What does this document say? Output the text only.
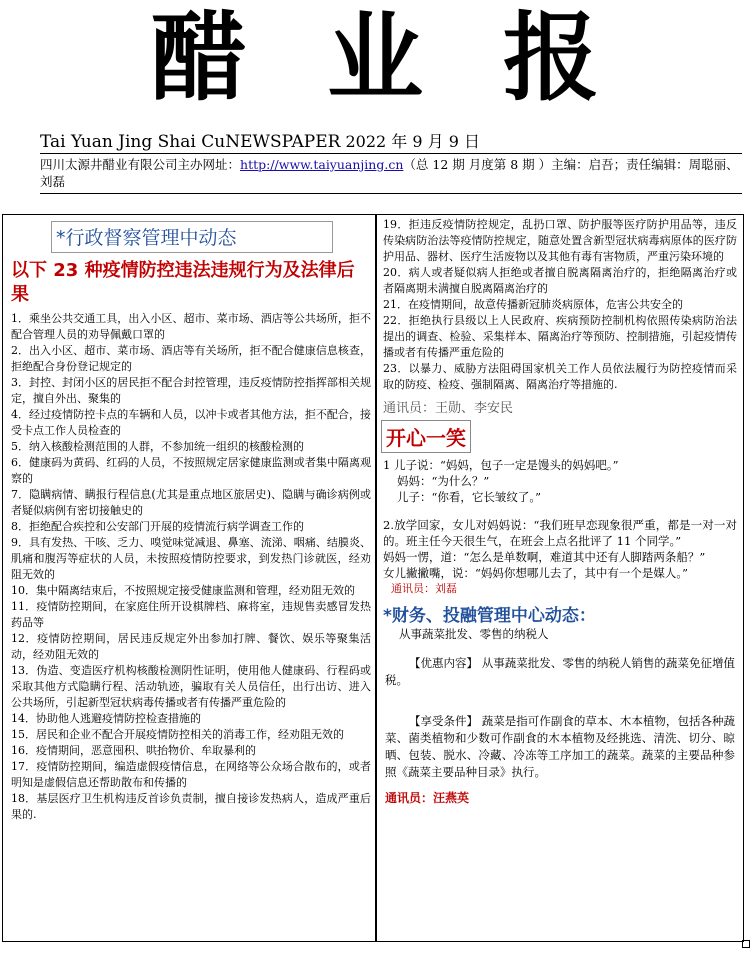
醋业报
Tai Yuan Jing Shai CuNEWSPAPER 2022 年 9 月 9 日
四川太源井醋业有限公司主办网址：http://www.taiyuanjing.cn（总 12 期 月度第 8 期 ）主编：启吾；责任编辑：周聪丽、刘磊
*行政督察管理中动态
以下 23 种疫情防控违法违规行为及法律后果

1．乘坐公共交通工具，出入小区、超市、菜市场、酒店等公共场所，拒不配合管理人员的劝导佩戴口罩的

2．出入小区、超市、菜市场、酒店等有关场所，拒不配合健康信息核查，拒绝配合身份登记规定的

3．封控、封闭小区的居民拒不配合封控管理，违反疫情防控指挥部相关规定，擅自外出、聚集的

4．经过疫情防控卡点的车辆和人员，以冲卡或者其他方法，拒不配合，接受卡点工作人员检查的

5．纳入核酸检测范围的人群，不参加统一组织的核酸检测的

6．健康码为黄码、红码的人员，不按照规定居家健康监测或者集中隔离观察的

7．隐瞒病情、瞒报行程信息(尤其是重点地区旅居史)、隐瞒与确诊病例或者疑似病例有密切接触史的

8．拒绝配合疾控和公安部门开展的疫情流行病学调查工作的

9．具有发热、干咳、乏力、嗅觉味觉减退、鼻塞、流涕、咽痛、结膜炎、肌痛和腹泻等症状的人员，未按照疫情防控要求，到发热门诊就医，经劝阻无效的

10．集中隔离结束后，不按照规定接受健康监测和管理，经劝阻无效的

11．疫情防控期间，在家庭住所开设棋牌档、麻将室，违规售卖感冒发热药品等

12．疫情防控期间，居民违反规定外出参加打牌、餐饮、娱乐等聚集活动，经劝阻无效的

13．伪造、变造医疗机构核酸检测阴性证明，使用他人健康码、行程码或采取其他方式隐瞒行程、活动轨迹，骗取有关人员信任，出行出访、进入公共场所，引起新型冠状病毒传播或者有传播严重危险的

14．协助他人逃避疫情防控检查措施的

15．居民和企业不配合开展疫情防控相关的消毒工作，经劝阻无效的

16．疫情期间，恶意囤积、哄抬物价、牟取暴利的

17．疫情防控期间，编造虚假疫情信息，在网络等公众场合散布的，或者明知是虚假信息还帮助散布和传播的

18．基层医疗卫生机构违反首诊负责制，擅自接诊发热病人，造成严重后果的.

19．拒违反疫情防控规定，乱扔口罩、防护服等医疗防护用品等，违反传染病防治法等疫情防控规定，随意处置含新型冠状病毒病原体的医疗防护用品、器材、医疗生活废物以及其他有毒有害物质，严重污染环境的

20．病人或者疑似病人拒绝或者擅自脱离隔离治疗的，拒绝隔离治疗或者隔离期未满擅自脱离隔离治疗的

21．在疫情期间，故意传播新冠肺炎病原体，危害公共安全的

22．拒绝执行县级以上人民政府、疾病预防控制机构依照传染病防治法提出的调查、检验、采集样本、隔离治疗等预防、控制措施，引起疫情传播或者有传播严重危险的

23．以暴力、威胁方法阻碍国家机关工作人员依法履行为防控疫情而采取的防疫、检疫、强制隔离、隔离治疗等措施的.

通讯员：王勋、李安民
开心一笑

1 儿子说：“妈妈，包子一定是馒头的妈妈吧。”

妈妈：“为什么？”

儿子：“你看，它长皱纹了。”

2.放学回家，女儿对妈妈说：“我们班早恋现象很严重，都是一对一对的。班主任今天很生气，在班会上点名批评了 11 个同学。”

妈妈一愣，道：“怎么是单数啊，难道其中还有人脚踏两条船？”

女儿撇撇嘴，说：“妈妈你想哪儿去了，其中有一个是媒人。”

通讯员：刘磊

*财务、投融管理中心动态：

从事蔬菜批发、零售的纳税人

【优惠内容】 从事蔬菜批发、零售的纳税人销售的蔬菜免征增值税。

【享受条件】 蔬菜是指可作副食的草本、木本植物，包括各种蔬菜、菌类植物和少数可作副食的木本植物及经挑选、清洗、切分、晾晒、包装、脱水、冷藏、冷冻等工序加工的蔬菜。蔬菜的主要品种参照《蔬菜主要品种目录》执行。

通讯员：汪燕英
